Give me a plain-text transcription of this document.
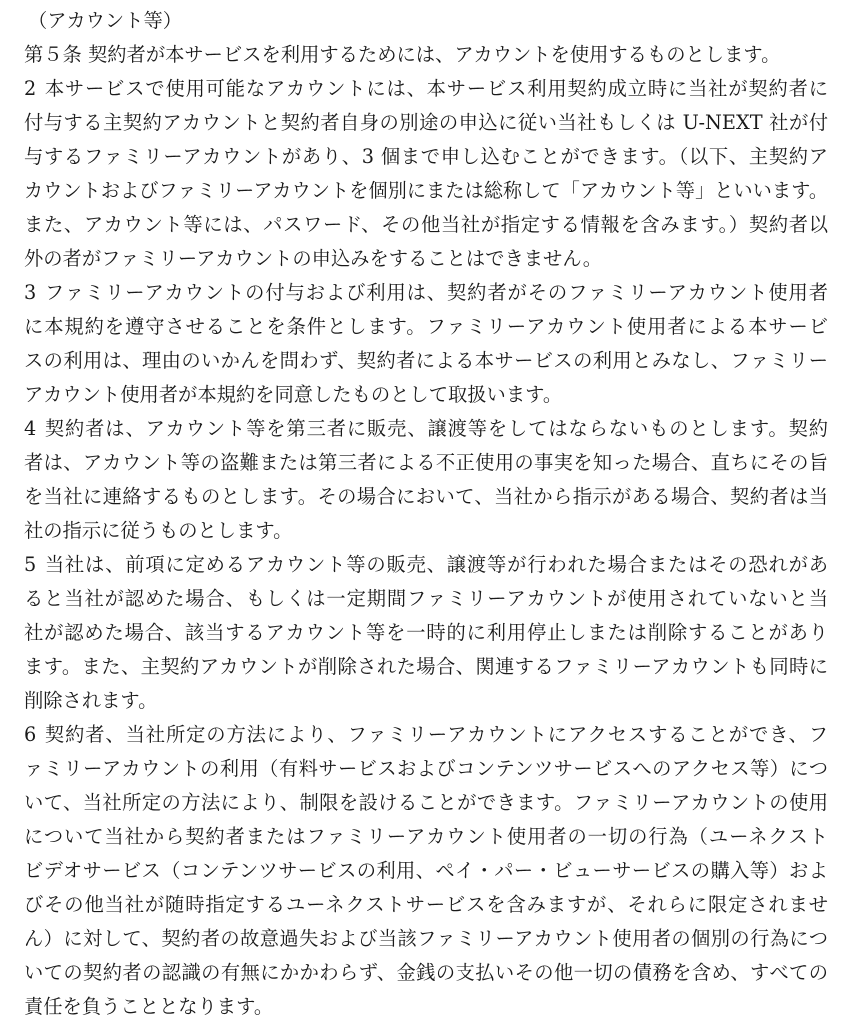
（アカウント等）

第５条 契約者が本サービスを利用するためには、アカウントを使用するものとします。

2 本サービスで使用可能なアカウントには、本サービス利用契約成立時に当社が契約者に
付与する主契約アカウントと契約者自身の別途の申込に従い当社もしくは U-NEXT 社が付
与するファミリーアカウントがあり、3 個まで申し込むことができます。（以下、主契約ア
カウントおよびファミリーアカウントを個別にまたは総称して「アカウント等」といいます。
また、アカウント等には、パスワード、その他当社が指定する情報を含みます。）契約者以
外の者がファミリーアカウントの申込みをすることはできません。
3 ファミリーアカウントの付与および利用は、契約者がそのファミリーアカウント使用者
に本規約を遵守させることを条件とします。ファミリーアカウント使用者による本サービ
スの利用は、理由のいかんを問わず、契約者による本サービスの利用とみなし、ファミリー
アカウント使用者が本規約を同意したものとして取扱います。
4 契約者は、アカウント等を第三者に販売、譲渡等をしてはならないものとします。契約
者は、アカウント等の盗難または第三者による不正使用の事実を知った場合、直ちにその旨
を当社に連絡するものとします。その場合において、当社から指示がある場合、契約者は当
社の指示に従うものとします。
5 当社は、前項に定めるアカウント等の販売、譲渡等が行われた場合またはその恐れがあ
ると当社が認めた場合、もしくは一定期間ファミリーアカウントが使用されていないと当
社が認めた場合、該当するアカウント等を一時的に利用停止しまたは削除することがあり
ます。また、主契約アカウントが削除された場合、関連するファミリーアカウントも同時に
削除されます。
6 契約者、当社所定の方法により、ファミリーアカウントにアクセスすることができ、フ
ァミリーアカウントの利用（有料サービスおよびコンテンツサービスへのアクセス等）につ
いて、当社所定の方法により、制限を設けることができます。ファミリーアカウントの使用
について当社から契約者またはファミリーアカウント使用者の一切の行為（ユーネクスト
ビデオサービス（コンテンツサービスの利用、ペイ・パー・ビューサービスの購入等）およ
びその他当社が随時指定するユーネクストサービスを含みますが、それらに限定されませ
ん）に対して、契約者の故意過失および当該ファミリーアカウント使用者の個別の行為につ
いての契約者の認識の有無にかかわらず、金銭の支払いその他一切の債務を含め、すべての
責任を負うこととなります。
